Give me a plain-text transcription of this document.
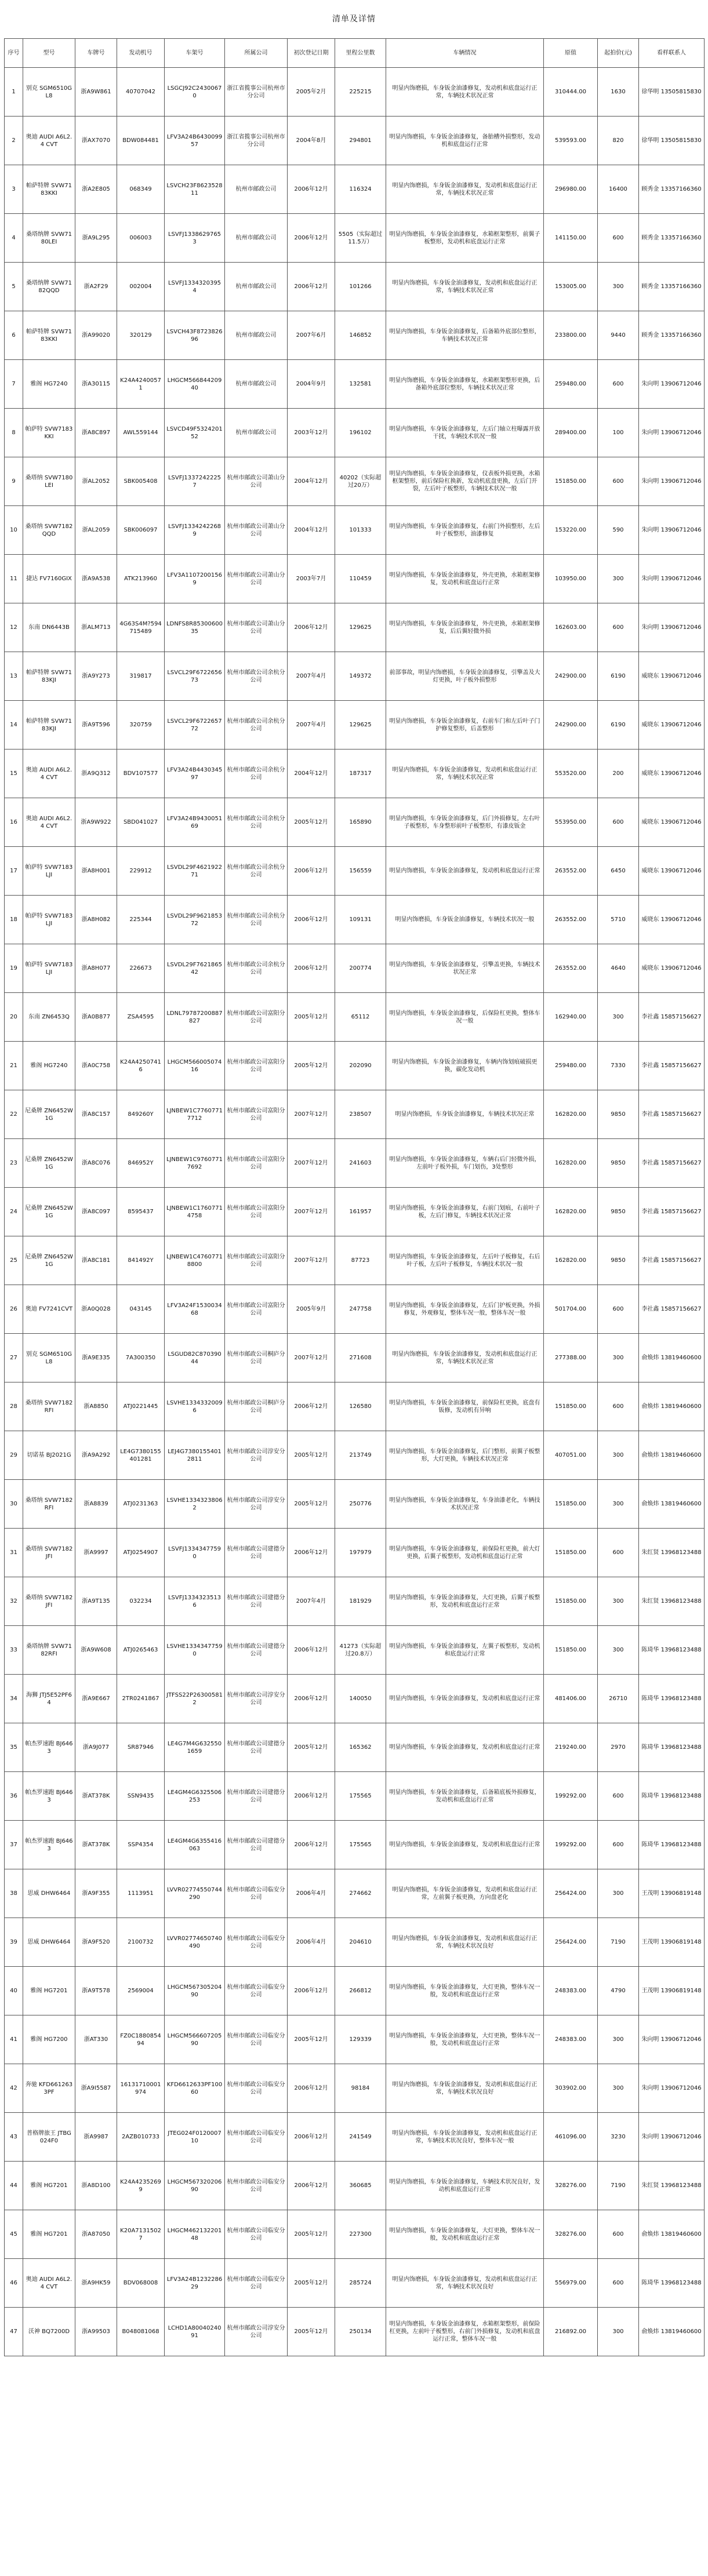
清单及详情
序号	型号	车牌号	发动机号	车架号	所属公司	初次登记日期	里程公里数	车辆情况	原值	起拍价(元)	看样联系人
1	别克 SGM6510GL8	浙A9W861	40707042	LSGCJ92C24300670	浙江省揽事公司杭州市分公司	2005年2月	225215	明显内饰磨损，车身钣金油漆修复，发动机和底盘运行正常，车辆技术状况正常	310444.00	1630	徐华明 13505815830
2	奥迪 AUDI A6L2.4 CVT	浙AX7070	BDW084481	LFV3A24B643009957	浙江省揽事公司杭州市分公司	2004年8月	294801	明显内饰磨损，车身钣金油漆修复，备胎槽外损整形，发动机和底盘运行正常	539593.00	820	徐华明 13505815830
3	帕萨特牌 SVW7183KKI	浙A2E805	068349	LSVCH23F862352811	杭州市邮政公司	2006年12月	116324	明显内饰磨损，车身钣金油漆修复，发动机和底盘运行正常，车辆技术状况正常	296980.00	16400	顾秀金 13357166360
4	桑塔纳牌 SVW7180LEI	浙A9L295	006003	LSVFJ13386297653	杭州市邮政公司	2006年12月	5505（实际超过11.5万）	明显内饰磨损，车身钣金油漆修复，水箱框架整形，前翼子板整形，发动机和底盘运行正常	141150.00	600	顾秀金 13357166360
5	桑塔纳牌 SVW7182QQD	浙A2F29	002004	LSVFJ13343203954	杭州市邮政公司	2006年12月	101266	明显内饰磨损，车身钣金油漆修复，发动机和底盘运行正常，车辆技术状况正常	153005.00	300	顾秀金 13357166360
6	帕萨特牌 SVW7183KKI	浙A99020	320129	LSVCH43F872382696	杭州市邮政公司	2007年6月	146852	明显内饰磨损，车身钣金油漆修复，后备箱外底部位整形，车辆技术状况正常	233800.00	9440	顾秀金 13357166360
7	雅阁 HG7240	浙A30115	K24A42400571	LHGCM56684420940	杭州市邮政公司	2004年9月	132581	明显内饰磨损，车身钣金油漆修复，水箱框架整形更换，后备箱外底部位整形，车辆技术状况正常	259480.00	600	朱向明 13906712046
8	帕萨特 SVW7183KKI	浙A8C897	AWL559144	LSVCD49F532420152	杭州市邮政公司	2003年12月	196102	明显内饰磨损，车身钣金油漆修复，左后门轴立柱曝露开放干扰，车辆技术状况一般	289400.00	100	朱向明 13906712046
9	桑塔纳 SVW7180LEI	浙AL2052	SBK005408	LSVFJ13372422257	杭州市邮政公司萧山分公司	2004年12月	40202（实际超过20万）	明显内饰磨损，车身钣金油漆修复，仪表板外损更换，水箱框架整形，前后保险杠换新，发动机底盘更换，左后门开裂，左后叶子板整形，车辆技术状况一般	151850.00	600	朱向明 13906712046
10	桑塔纳 SVW7182QQD	浙AL2059	SBK006097	LSVFJ13342422689	杭州市邮政公司萧山分公司	2004年12月	101333	明显内饰磨损，车身钣金油漆修复，右前门外损整形，左后叶子板整形，油漆修复	153220.00	590	朱向明 13906712046
11	捷达 FV7160GIX	浙A9A538	ATK213960	LFV3A11072001569	杭州市邮政公司萧山分公司	2003年7月	110459	明显内饰磨损，车身钣金油漆修复，外壳更换，水箱框架修复，发动机和底盘运行正常	103950.00	300	朱向明 13906712046
12	东南 DN6443B	浙ALM713	4G63S4M?594715489	LDNFS8R8530060035	杭州市邮政公司萧山分公司	2006年12月	129625	明显内饰磨损，车身钣金油漆修复，外壳更换，水箱框架修复，后后翼轻微外损	162603.00	600	朱向明 13906712046
13	帕萨特牌 SVW7183KJI	浙A9Y273	319817	LSVCL29F672265673	杭州市邮政公司余杭分公司	2007年4月	149372	前部事故，明显内饰磨损，车身钣金油漆修复，引擎盖及大灯更换，叶子板外损整形	242900.00	6190	威晓东 13906712046
14	帕萨特牌 SVW7183KJI	浙A9T596	320759	LSVCL29F672265772	杭州市邮政公司余杭分公司	2007年4月	129625	明显内饰磨损，车身钣金油漆修复，右前车门和左后叶子门护修复整形，后盖整形	242900.00	6190	威晓东 13906712046
15	奥迪 AUDI A6L2.4 CVT	浙A9Q312	BDV107577	LFV3A24B443034597	杭州市邮政公司余杭分公司	2004年12月	187317	明显内饰磨损，车身钣金油漆修复，发动机和底盘运行正常，车辆技术状况正常	553520.00	200	威晓东 13906712046
16	奥迪 AUDI A6L2.4 CVT	浙A9W922	SBD041027	LFV3A24B943005169	杭州市邮政公司余杭分公司	2005年12月	165890	明显内饰磨损，车身钣金油漆修复，后门外损修复，左右叶子板整形，车身整形前叶子板整形，有漆皮钣金	553950.00	600	威晓东 13906712046
17	帕萨特 SVW7183LJI	浙A8H001	229912	LSVDL29F462192271	杭州市邮政公司余杭分公司	2006年12月	156559	明显内饰磨损，车身钣金油漆修复，发动机和底盘运行正常	263552.00	6450	威晓东 13906712046
18	帕萨特 SVW7183LJI	浙A8H082	225344	LSVDL29F962185372	杭州市邮政公司余杭分公司	2006年12月	109131	明显内饰磨损，车身钣金油漆修复，车辆技术状况一般	263552.00	5710	威晓东 13906712046
19	帕萨特 SVW7183LJI	浙A8H077	226673	LSVDL29F762186542	杭州市邮政公司余杭分公司	2006年12月	200774	明显内饰磨损，车身钣金油漆修复，引擎盖更换，车辆技术状况正常	263552.00	4640	威晓东 13906712046
20	东南 ZN6453Q	浙A0B877	ZSA4595	LDNL79787200887827	杭州市邮政公司富阳分公司	2005年12月	65112	明显内饰磨损，车身钣金油漆修复，后保险杠更换，整体车况一般	162940.00	300	李社鑫 15857156627
21	雅阁 HG7240	浙A0C758	K24A42507416	LHGCM56600507416	杭州市邮政公司富阳分公司	2005年12月	202090	明显内饰磨损，车身钣金油漆修复，车辆内饰划痕破损更换，碳化发动机	259480.00	7330	李社鑫 15857156627
22	尼桑牌 ZN6452W1G	浙A8C157	849260Y	LJNBEW1C77607717712	杭州市邮政公司富阳分公司	2007年12月	238507	明显内饰磨损，车身钣金油漆修复，车辆技术状况正常	162820.00	9850	李社鑫 15857156627
23	尼桑牌 ZN6452W1G	浙A8C076	846952Y	LJNBEW1C97607717692	杭州市邮政公司富阳分公司	2007年12月	241603	明显内饰磨损，车身钣金油漆修复，车辆右后门轻微外损，左前叶子板外损，车门划伤，3处整形	162820.00	9850	李社鑫 15857156627
24	尼桑牌 ZN6452W1G	浙A8C097	8595437	LJNBEW1C17607714758	杭州市邮政公司富阳分公司	2007年12月	161957	明显内饰磨损，车身钣金油漆修复，右前门划痕，右前叶子板，左后门修复，车辆技术状况正常	162820.00	9850	李社鑫 15857156627
25	尼桑牌 ZN6452W1G	浙A8C181	841492Y	LJNBEW1C47607718800	杭州市邮政公司富阳分公司	2007年12月	87723	明显内饰磨损，车身钣金油漆修复，左后叶子板修复，右后叶子板，左后叶子板修复，车辆技术状况一般	162820.00	9850	李社鑫 15857156627
26	奥迪 FV7241CVT	浙A0Q028	043145	LFV3A24F153003468	杭州市邮政公司富阳分公司	2005年9月	247758	明显内饰磨损，车身钣金油漆修复，左后门护板更换，外损修复，外观修复，整体车况一般，整体车况一般	501704.00	600	李社鑫 15857156627
27	别克 SGM6510GL8	浙A9E335	7A300350	LSGUD82C87039044	杭州市邮政公司桐庐分公司	2007年12月	271608	明显内饰磨损，车身钣金油漆修复，发动机和底盘运行正常，车辆技术状况正常	277388.00	300	俞焕炜 13819460600
28	桑塔纳 SVW7182RFI	浙A8850	ATJ0221445	LSVHE13343320096	杭州市邮政公司桐庐分公司	2006年12月	126580	明显内饰磨损，车身钣金油漆修复，前保险杠更换，底盘有钣修，发动机有异响	151850.00	600	俞焕炜 13819460600
29	切诺基 BJ2021G	浙A9A292	LE4G7380155401281	LEJ4G73801554012811	杭州市邮政公司淳安分公司	2005年12月	213749	明显内饰磨损，车身钣金油漆修复，后门整形，前翼子板整形，大灯更换，车辆技术状况正常	407051.00	300	俞焕炜 13819460600
30	桑塔纳 SVW7182RFI	浙A8839	ATJ0231363	LSVHE13343238062	杭州市邮政公司淳安分公司	2005年12月	250776	明显内饰磨损，车身钣金油漆修复，车身油漆老化，车辆技术状况正常	151850.00	300	俞焕炜 13819460600
31	桑塔纳 SVW7182JFI	浙A9997	ATJ0254907	LSVFJ13343477590	杭州市邮政公司建德分公司	2006年12月	197979	明显内饰磨损，车身钣金油漆修复，前保险杠更换，前大灯更换，后翼子板整形，发动机和底盘运行正常	151850.00	600	朱红贤 13968123488
32	桑塔纳 SVW7182JFI	浙A9T135	032234	LSVFJ13343235136	杭州市邮政公司建德分公司	2007年4月	181929	明显内饰磨损，车身钣金油漆修复，大灯更换，后翼子板整形，发动机和底盘运行正常	151850.00	300	朱红贤 13968123488
33	桑塔纳牌 SVW7182RFI	浙A9W608	ATJ0265463	LSVHE13343477590	杭州市邮政公司建德分公司	2006年12月	41273（实际超过20.8万）	明显内饰磨损，车身钣金油漆修复，左翼子板整形，发动机和底盘运行正常	151850.00	300	陈琦华 13968123488
34	海狮 JTJ5E52PF64	浙A9E667	2TR0241867	JTFSS22P263005812	杭州市邮政公司淳安分公司	2006年12月	140050	明显内饰磨损，车身钣金油漆修复，发动机和底盘运行正常	481406.00	26710	陈琦华 13968123488
35	帕杰罗速跑 BJ6463	浙A9J077	SR87946	LE4G7M4G6325501659	杭州市邮政公司建德分公司	2005年12月	165362	明显内饰磨损，车身钣金油漆修复，发动机和底盘运行正常	219240.00	2970	陈琦华 13968123488
36	帕杰罗速跑 BJ6463	浙AT378K	SSN9435	LE4GM4G6325506253	杭州市邮政公司建德分公司	2006年12月	175565	明显内饰磨损，车身钣金油漆修复，后备箱底板外损修复，发动机和底盘运行正常	199292.00	600	陈琦华 13968123488
37	帕杰罗速跑 BJ6463	浙AT378K	SSP4354	LE4GM4G6355416063	杭州市邮政公司建德分公司	2006年12月	175565	明显内饰磨损，车身钣金油漆修复，发动机和底盘运行正常	199292.00	600	陈琦华 13968123488
38	思威 DHW6464	浙A9F355	1113951	LVVR02774550744290	杭州市邮政公司临安分公司	2006年4月	274662	明显内饰磨损，车身钣金油漆修复，发动机和底盘运行正常，左前翼子板更换，方向盘老化	256424.00	300	王茂明 13906819148
39	思威 DHW6464	浙A9F520	2100732	LVVR02774650740490	杭州市邮政公司临安分公司	2006年4月	204610	明显内饰磨损，车身钣金油漆修复，发动机和底盘运行正常，车辆技术状况良好	256424.00	7190	王茂明 13906819148
40	雅阁 HG7201	浙A9T578	2569004	LHGCM56730520490	杭州市邮政公司临安分公司	2006年12月	266812	明显内饰磨损，车身钣金油漆修复，大灯更换，整体车况一般，发动机和底盘运行正常	248383.00	4790	王茂明 13906819148
41	雅阁 HG7200	浙AT330	FZ0C188085494	LHGCM56660720590	杭州市邮政公司临安分公司	2005年12月	129339	明显内饰磨损，车身钣金油漆修复，大灯更换，整体车况一般，发动机和底盘运行正常	248383.00	300	朱向明 13906712046
42	奔驰 KFD6612633PF	浙A9I5587	16131710001974	KFD6612633PF10060	杭州市邮政公司临安分公司	2006年12月	98184	明显内饰磨损，车身钣金油漆修复，发动机和底盘运行正常，车辆技术状况良好	303902.00	300	朱向明 13906712046
43	普格牌旅王 JTBG024F0	浙A9987	2AZB010733	JTEG024F012000710	杭州市邮政公司临安分公司	2006年12月	241549	明显内饰磨损，车身钣金油漆修复，发动机和底盘运行正常，车辆技术状况良好，整体车况一般	461096.00	3230	朱向明 13906712046
44	雅阁 HG7201	浙A8D100	K24A42352699	LHGCM56732020690	杭州市邮政公司临安分公司	2006年12月	360685	明显内饰磨损，车身钣金油漆修复，车辆技术状况良好，发动机和底盘运行正常	328276.00	7190	朱红贤 13968123488
45	雅阁 HG7201	浙A87050	K20A71315027	LHGCM46213220148	杭州市邮政公司临安分公司	2005年12月	227300	明显内饰磨损，车身钣金油漆修复，大灯更换，整体车况一般，发动机和底盘运行正常	328276.00	600	俞焕炜 13819460600
46	奥迪 AUDI A6L2.4 CVT	浙A9HK59	BDV068008	LFV3A24B123228629	杭州市邮政公司临安分公司	2005年12月	285724	明显内饰磨损，车身钣金油漆修复，发动机和底盘运行正常，车辆技术状况良好	556979.00	600	陈琦华 13968123488
47	沃神 BQ7200D	浙A99503	B048081068	LCHD1A8004024091	杭州市邮政公司淳安分公司	2005年12月	250134	明显内饰磨损，车身钣金油漆修复，水箱框架整形，前保险杠更换，左前叶子板整形，右前门外损修复，发动机和底盘运行正常，整体车况一般	216892.00	300	俞焕炜 13819460600
